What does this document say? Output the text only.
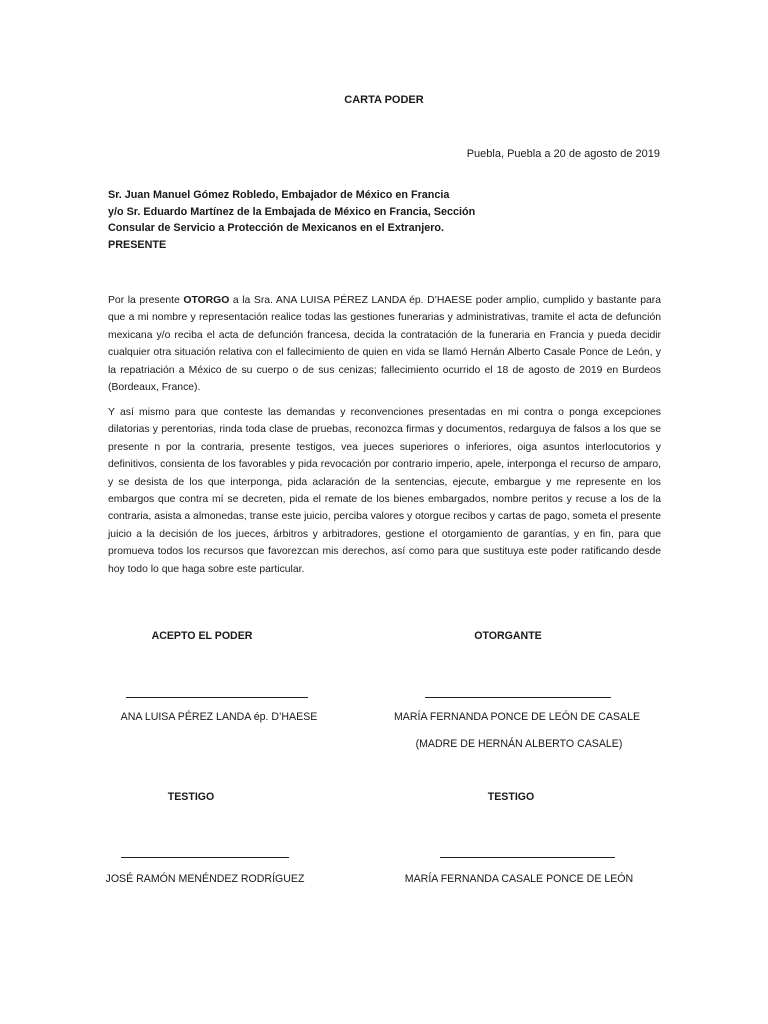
CARTA PODER
Puebla, Puebla a 20 de agosto de 2019
Sr. Juan Manuel Gómez Robledo, Embajador de México en Francia
y/o Sr. Eduardo Martínez de la Embajada de México en Francia, Sección
Consular de Servicio a Protección de Mexicanos en el Extranjero.
PRESENTE
Por la presente OTORGO a la Sra. ANA LUISA PÉREZ LANDA ép. D’HAESE poder amplio, cumplido y bastante para que a mi nombre y representación realice todas las gestiones funerarias y administrativas, tramite el acta de defunción mexicana y/o reciba el acta de defunción francesa, decida la contratación de la funeraria en Francia y pueda decidir cualquier otra situación relativa con el fallecimiento de quien en vida se llamó Hernán Alberto Casale Ponce de León, y la repatriación a México de su cuerpo o de sus cenizas; fallecimiento ocurrido el 18 de agosto de 2019 en Burdeos (Bordeaux, France).
Y así mismo para que conteste las demandas y reconvenciones presentadas en mi contra o ponga excepciones dilatorias y perentorias, rinda toda clase de pruebas, reconozca firmas y documentos, redarguya de falsos a los que se presente n por la contraria, presente testigos, vea jueces superiores o inferiores, oiga asuntos interlocutorios y definitivos, consienta de los favorables y pida revocación por contrario imperio, apele, interponga el recurso de amparo, y se desista de los que interponga, pida aclaración de la sentencias, ejecute, embargue y me represente en los embargos que contra mí se decreten, pida el remate de los bienes embargados, nombre peritos y recuse a los de la contraria, asista a almonedas, transe este juicio, perciba valores y otorgue recibos y cartas de pago, someta el presente juicio a la decisión de los jueces, árbitros y arbitradores, gestione el otorgamiento de garantías, y en fin, para que promueva todos los recursos que favorezcan mis derechos, así como para que sustituya este poder ratificando desde hoy todo lo que haga sobre este particular.
ACEPTO EL PODER	OTORGANTE
ANA LUISA PÉREZ LANDA ép. D’HAESE	MARÍA FERNANDA PONCE DE LEÓN DE CASALE
(MADRE DE HERNÁN ALBERTO CASALE)
TESTIGO	TESTIGO
JOSÉ RAMÓN MENÉNDEZ RODRÍGUEZ	MARÍA FERNANDA CASALE PONCE DE LEÓN
